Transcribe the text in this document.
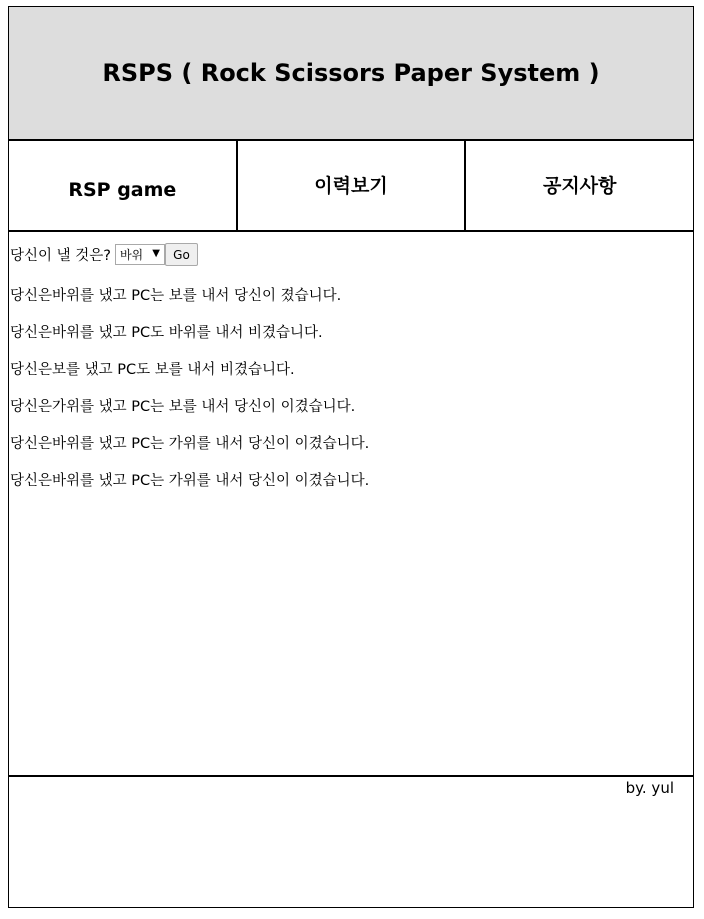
RSPS ( Rock Scissors Paper System )
RSP game	이력보기	공지사항
당신이 낼 것은? 바위 ▼	Go
당신은바위를 냈고 PC는 보를 내서 당신이 졌습니다.
당신은바위를 냈고 PC도 바위를 내서 비겼습니다.
당신은보를 냈고 PC도 보를 내서 비겼습니다.
당신은가위를 냈고 PC는 보를 내서 당신이 이겼습니다.
당신은바위를 냈고 PC는 가위를 내서 당신이 이겼습니다.
당신은바위를 냈고 PC는 가위를 내서 당신이 이겼습니다.
by. yul
